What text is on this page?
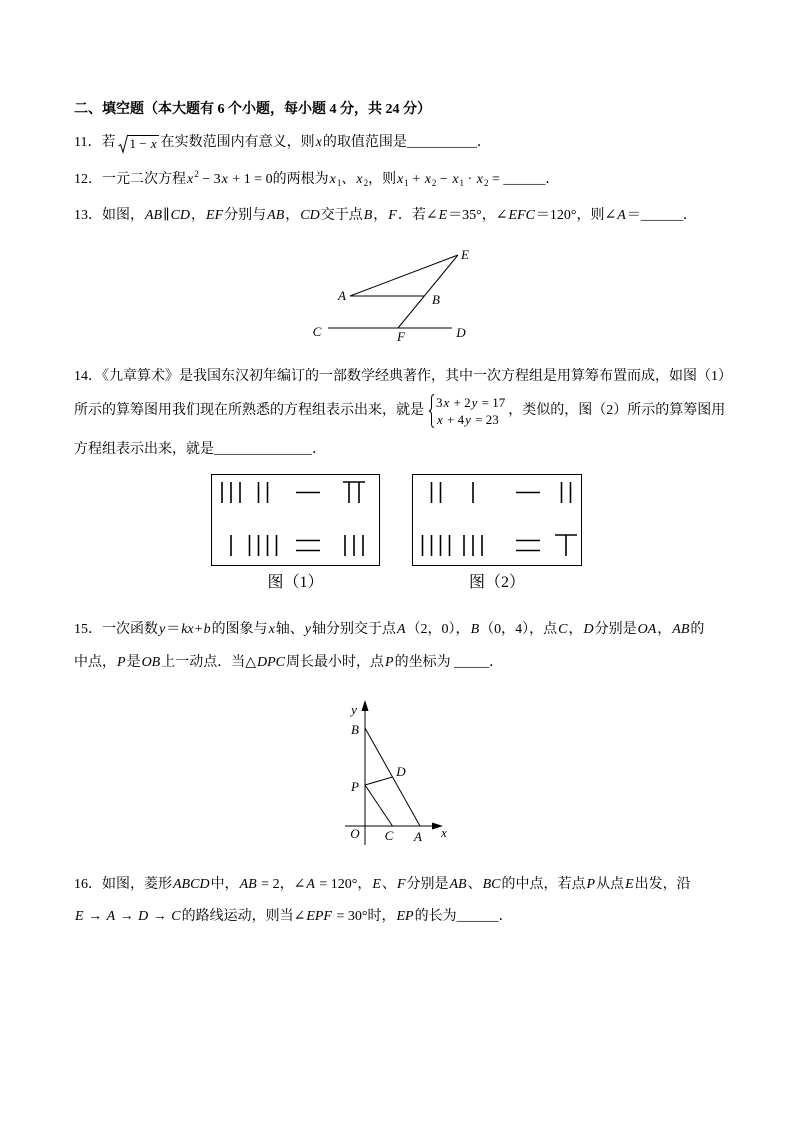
二、填空题（本大题有 6 个小题，每小题 4 分，共 24 分）
11．若 1 − x 在实数范围内有意义，则x的取值范围是__________．
12．一元二次方程$x^2 - 3x + 1 = 0$的两根为$x_1$、$x_2$，则$x_1 + x_2 - x_1 \cdot x_2$ = ______．
13．如图，AB∥CD，EF分别与AB，CD交于点B，F．若∠E＝35°，∠EFC＝120°，则∠A＝______．
E
A	B
C	F	D
14．《九章算术》是我国东汉初年编订的一部数学经典著作，其中一次方程组是用算筹布置而成，如图（1）
所示的算筹图用我们现在所熟悉的方程组表示出来，就是
3x + 2y = 17
x + 4y = 23
，类似的，图（2）所示的算筹图用
方程组表示出来，就是______________．
图（1）	图（2）
15．一次函数y＝kx+b的图象与x轴、y轴分别交于点A（2，0），B（0，4），点C，D分别是OA，AB的
中点，P是OB上一动点．当△DPC周长最小时，点P的坐标为 _____．
y
B
P
D
O C A x
16．如图，菱形ABCD中，AB = 2，∠A = 120°，E、F分别是AB、BC的中点，若点P从点E出发，沿
E → A → D → C的路线运动，则当∠EPF = 30°时，EP的长为______．
